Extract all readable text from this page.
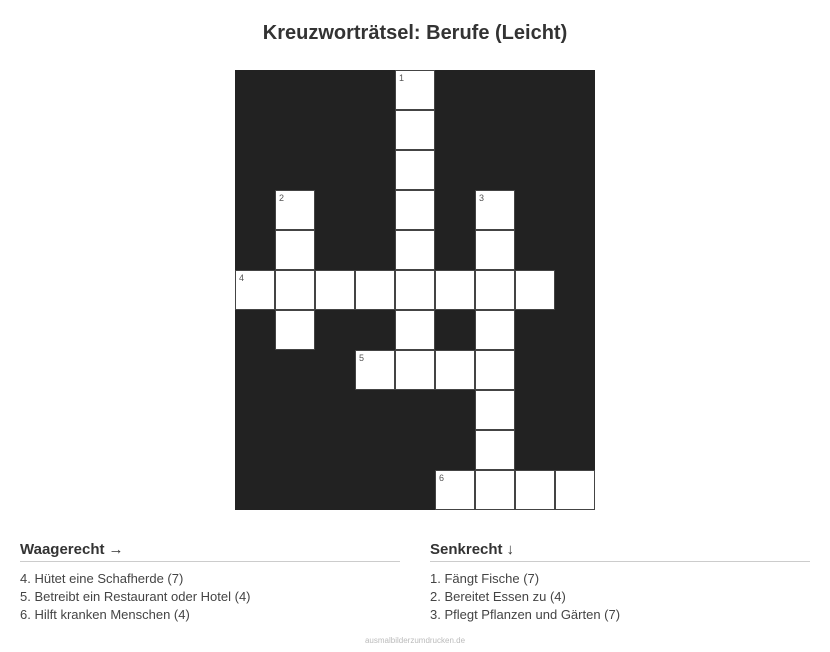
Kreuzworträtsel: Berufe (Leicht)
1
2	3
4
5
6
Waagerecht →

4. Hütet eine Schafherde (7)

5. Betreibt ein Restaurant oder Hotel (4)

6. Hilft kranken Menschen (4)

Senkrecht ↓

1. Fängt Fische (7)

2. Bereitet Essen zu (4)

3. Pflegt Pflanzen und Gärten (7)

ausmalbilderzumdrucken.de
